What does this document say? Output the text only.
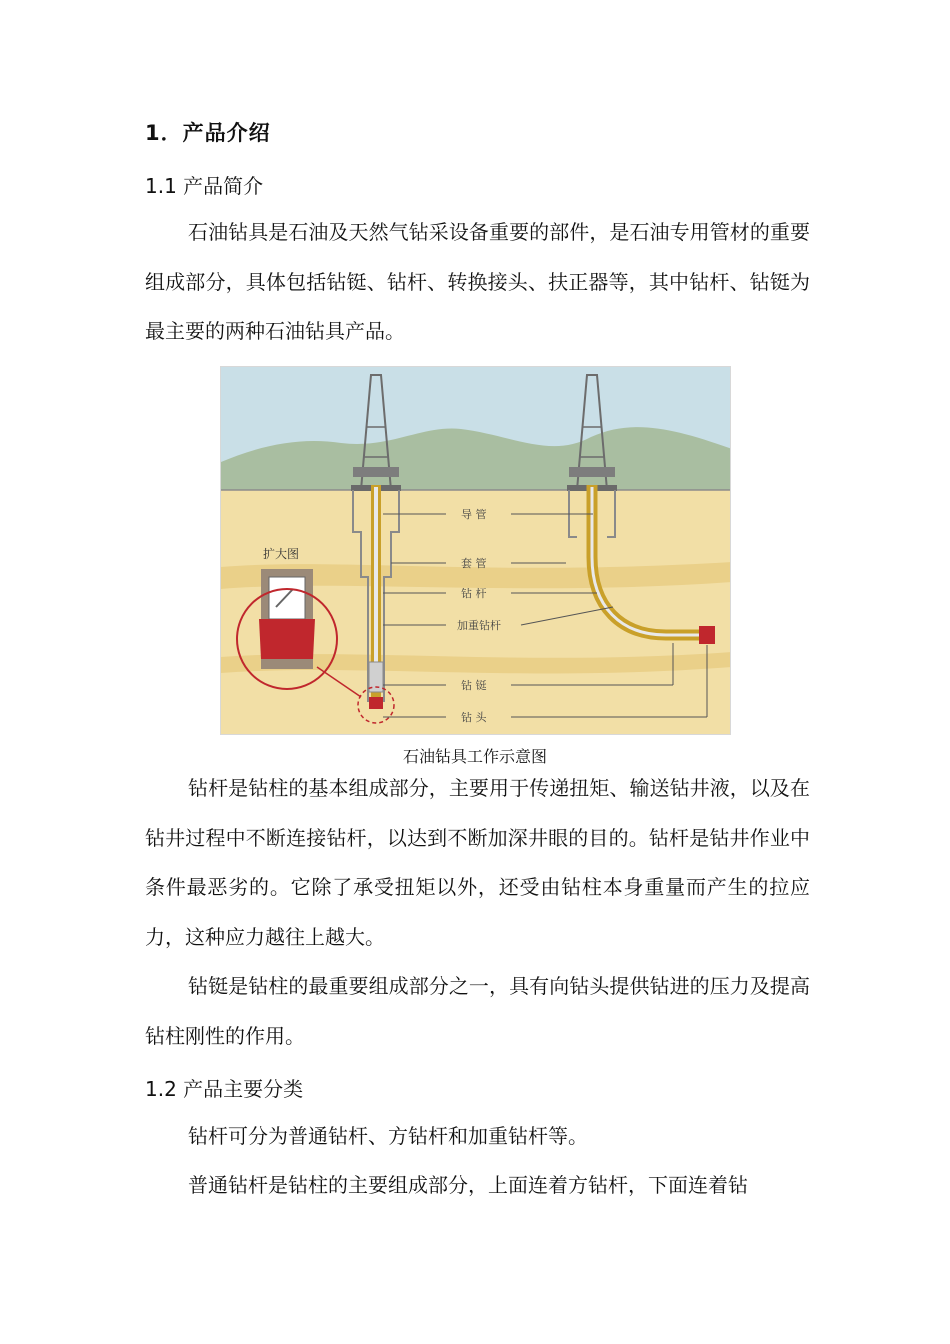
1．产品介绍
1.1 产品简介

石油钻具是石油及天然气钻采设备重要的部件，是石油专用管材的重要组成部分，具体包括钻铤、钻杆、转换接头、扶正器等，其中钻杆、钻铤为最主要的两种石油钻具产品。

扩大图
导 管
套 管
钻 杆
加重钻杆
钻 铤
钻 头
石油钻具工作示意图

钻杆是钻柱的基本组成部分，主要用于传递扭矩、输送钻井液，以及在钻井过程中不断连接钻杆，以达到不断加深井眼的目的。钻杆是钻井作业中条件最恶劣的。它除了承受扭矩以外，还受由钻柱本身重量而产生的拉应力，这种应力越往上越大。

钻铤是钻柱的最重要组成部分之一，具有向钻头提供钻进的压力及提高钻柱刚性的作用。

1.2 产品主要分类

钻杆可分为普通钻杆、方钻杆和加重钻杆等。

普通钻杆是钻柱的主要组成部分，上面连着方钻杆，下面连着钻
